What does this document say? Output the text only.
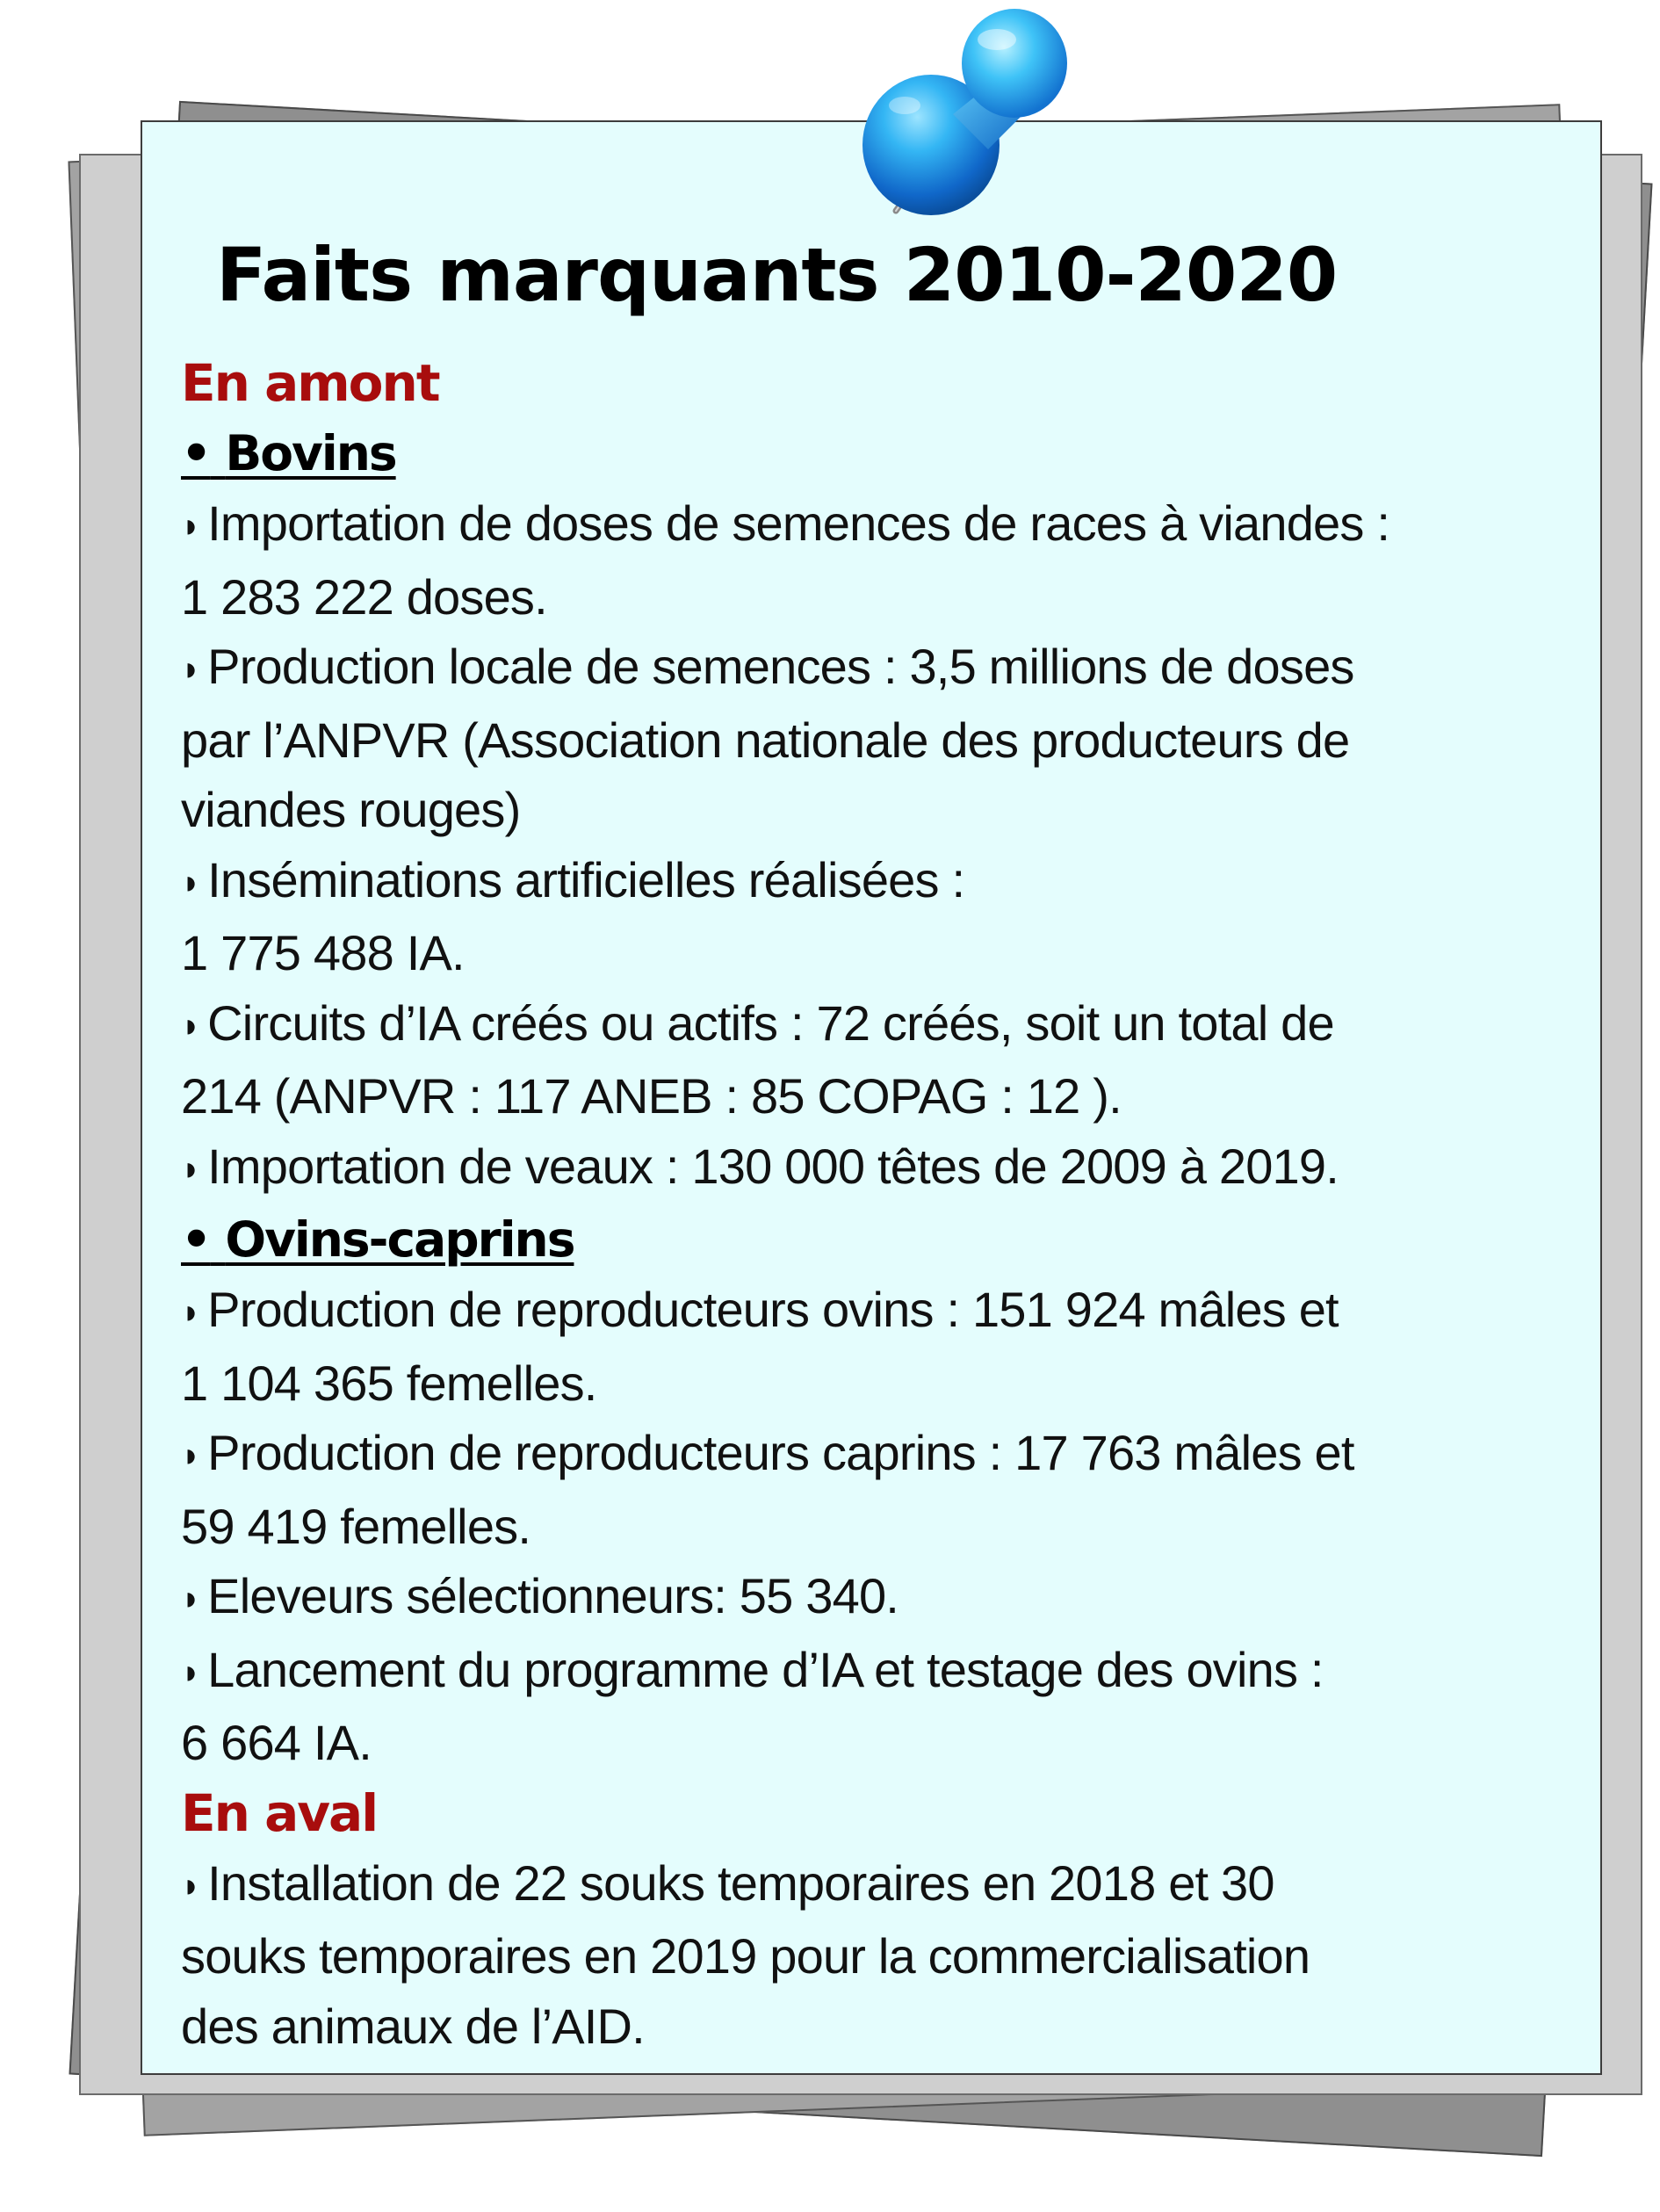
Faits marquants 2010-2020
En amont
• Bovins
◗ Importation de doses de semences de races à viandes :
1 283 222 doses.
◗ Production locale de semences : 3,5 millions de doses
par l’ANPVR (Association nationale des producteurs de
viandes rouges)
◗ Inséminations artificielles réalisées :
1 775 488 IA.
◗ Circuits d’IA créés ou actifs : 72 créés, soit un total de
214 (ANPVR : 117 ANEB : 85 COPAG : 12 ).
◗ Importation de veaux : 130 000 têtes de 2009 à 2019.
• Ovins-caprins
◗ Production de reproducteurs ovins : 151 924 mâles et
1 104 365 femelles.
◗ Production de reproducteurs caprins : 17 763 mâles et
59 419 femelles.
◗ Eleveurs sélectionneurs: 55 340.
◗ Lancement du programme d’IA et testage des ovins :
6 664 IA.
En aval
◗ Installation de 22 souks temporaires en 2018 et 30
souks temporaires en 2019 pour la commercialisation
des animaux de l’AID.
